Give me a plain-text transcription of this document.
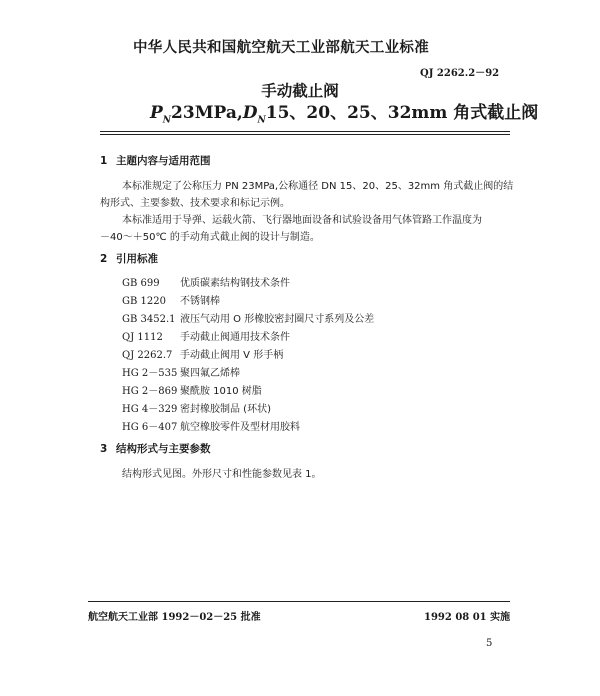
中华人民共和国航空航天工业部航天工业标准
QJ 2262.2－92
手动截止阀
$P_N23MPa,D_N15$、20、25、32mm 角式截止阀
1 主题内容与适用范围
本标准规定了公称压力 PN 23MPa,公称通径 DN 15、20、25、32mm 角式截止阀的结
构形式、主要参数、技术要求和标记示例。
本标准适用于导弹、运载火箭、飞行器地面设备和试验设备用气体管路工作温度为
－40～＋50℃ 的手动角式截止阀的设计与制造。
2 引用标准
GB 699 优质碳素结构钢技术条件
GB 1220 不锈钢棒
GB 3452.1 液压气动用 O 形橡胶密封圈尺寸系列及公差
QJ 1112 手动截止阀通用技术条件
QJ 2262.7 手动截止阀用 V 形手柄
HG 2－535 聚四氟乙烯棒
HG 2－869 聚酰胺 1010 树脂
HG 4－329 密封橡胶制品 (环状)
HG 6－407 航空橡胶零件及型材用胶料
3 结构形式与主要参数
结构形式见图。外形尺寸和性能参数见表 1。
航空航天工业部 1992－02－25 批准	1992 08 01 实施
5
